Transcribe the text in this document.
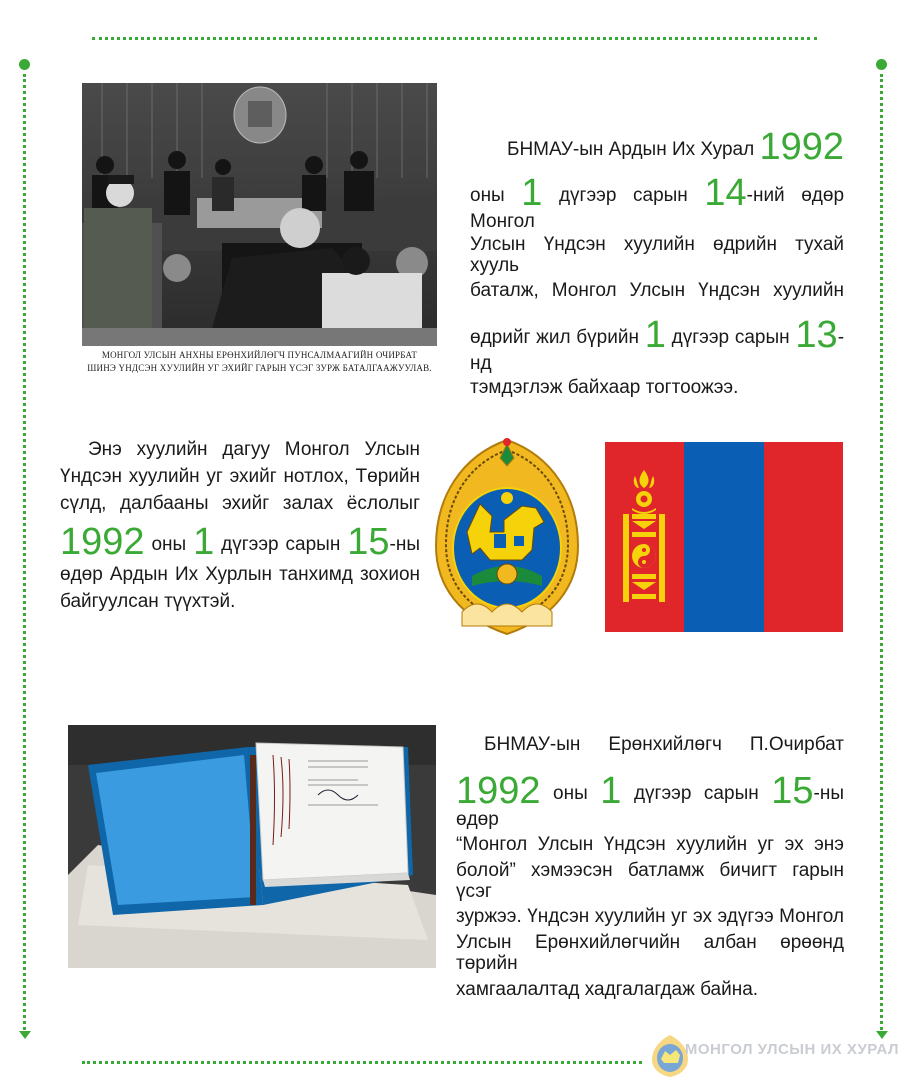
МОНГОЛ УЛСЫН АНХНЫ ЕРӨНХИЙЛӨГЧ ПУНСАЛМААГИЙН ОЧИРБАТ
ШИНЭ ҮНДСЭН ХУУЛИЙН УГ ЭХИЙГ ГАРЫН ҮСЭГ ЗУРЖ БАТАЛГААЖУУЛАВ.
БНМАУ-ын Ардын Их Хурал 1992
оны 1 дүгээр сарын 14-ний өдөр Монгол
Улсын Үндсэн хуулийн өдрийн тухай хууль
баталж, Монгол Улсын Үндсэн хуулийн
өдрийг жил бүрийн 1 дүгээр сарын 13-нд
тэмдэглэж байхаар тогтоожээ.
Энэ хуулийн дагуу Монгол Улсын
Үндсэн хуулийн уг эхийг нотлох, Төрийн
сүлд, далбааны эхийг залах ёслолыг
1992 оны 1 дүгээр сарын 15-ны
өдөр Ардын Их Хурлын танхимд зохион
байгуулсан түүхтэй.
БНМАУ-ын Ерөнхийлөгч П.Очирбат
1992 оны 1 дүгээр сарын 15-ны өдөр
“Монгол Улсын Үндсэн хуулийн уг эх энэ
болой” хэмээсэн батламж бичигт гарын үсэг
зуржээ. Үндсэн хуулийн уг эх эдүгээ Монгол
Улсын Ерөнхийлөгчийн албан өрөөнд төрийн
хамгаалалтад хадгалагдаж байна.
МОНГОЛ УЛСЫН ИХ ХУРАЛ
